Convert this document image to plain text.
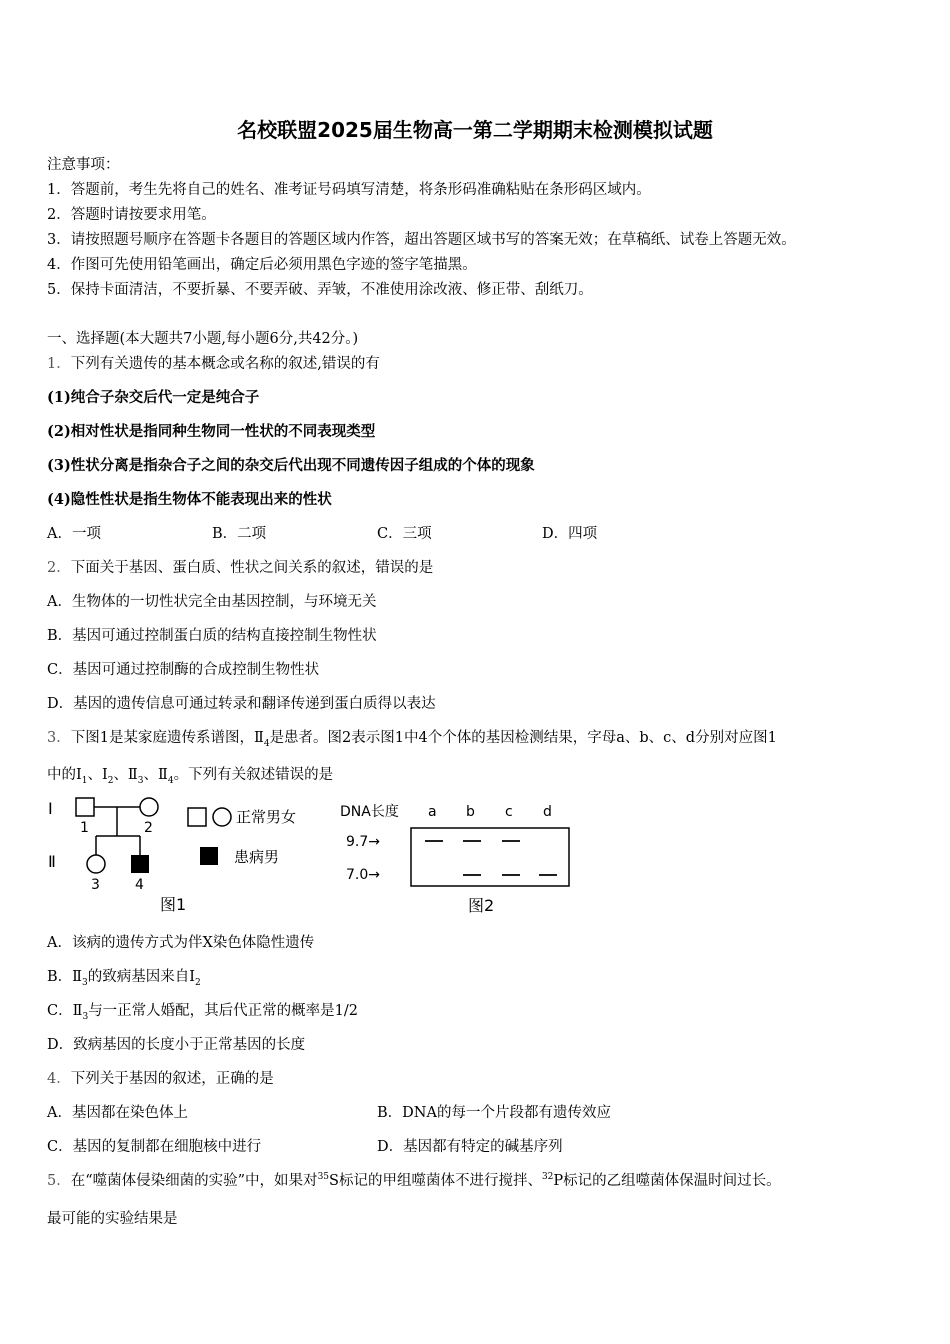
名校联盟2025届生物高一第二学期期末检测模拟试题
注意事项：
1．答题前，考生先将自己的姓名、准考证号码填写清楚，将条形码准确粘贴在条形码区域内。
2．答题时请按要求用笔。
3．请按照题号顺序在答题卡各题目的答题区域内作答，超出答题区域书写的答案无效；在草稿纸、试卷上答题无效。
4．作图可先使用铅笔画出，确定后必须用黑色字迹的签字笔描黑。
5．保持卡面清洁，不要折暴、不要弄破、弄皱，不准使用涂改液、修正带、刮纸刀。
一、选择题(本大题共7小题,每小题6分,共42分。)
1．下列有关遗传的基本概念或名称的叙述,错误的有
(1)纯合子杂交后代一定是纯合子
(2)相对性状是指同种生物同一性状的不同表现类型
(3)性状分离是指杂合子之间的杂交后代出现不同遗传因子组成的个体的现象
(4)隐性性状是指生物体不能表现出来的性状
A．一项	B．二项	C．三项	D．四项
2．下面关于基因、蛋白质、性状之间关系的叙述，错误的是
A．生物体的一切性状完全由基因控制，与环境无关
B．基因可通过控制蛋白质的结构直接控制生物性状
C．基因可通过控制酶的合成控制生物性状
D．基因的遗传信息可通过转录和翻译传递到蛋白质得以表达
3．下图1是某家庭遗传系谱图，$Ⅱ_4$是患者。图2表示图1中4个个体的基因检测结果，字母a、b、c、d分别对应图1
中的$Ⅰ_1$、$Ⅰ_2$、$Ⅱ_3$、$Ⅱ_4$。下列有关叙述错误的是
Ⅰ
Ⅱ
1	2
3	4
正常男女
患病男
图1
DNA长度 a b c d
9.7→
7.0→
图2
A．该病的遗传方式为伴X染色体隐性遗传
B．$Ⅱ_3$的致病基因来自$Ⅰ_2$
C．$Ⅱ_3$与一正常人婚配，其后代正常的概率是1/2
D．致病基因的长度小于正常基因的长度
4．下列关于基因的叙述，正确的是
A．基因都在染色体上	B．DNA的每一个片段都有遗传效应
C．基因的复制都在细胞核中进行	D．基因都有特定的碱基序列
5．在“噬菌体侵染细菌的实验”中，如果对$^{35}$S标记的甲组噬菌体不进行搅拌、$^{32}$P标记的乙组噬菌体保温时间过长。
最可能的实验结果是
